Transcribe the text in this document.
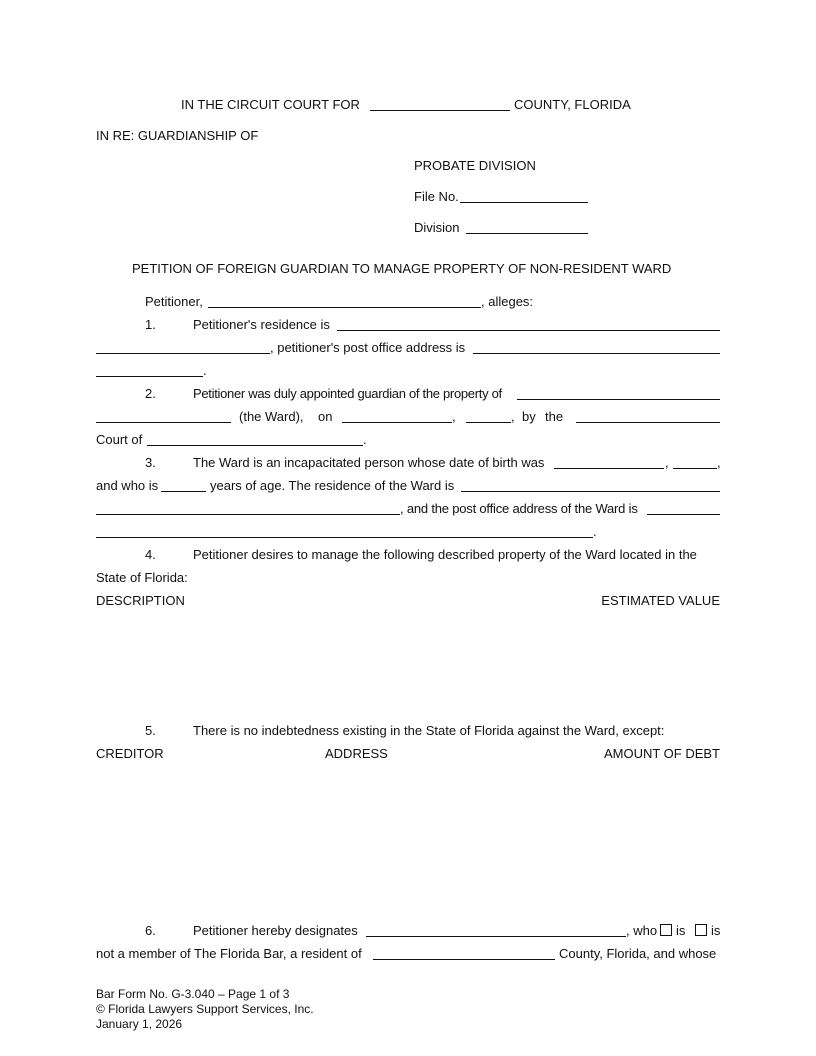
IN THE CIRCUIT COURT FOR	COUNTY, FLORIDA
IN RE: GUARDIANSHIP OF
PROBATE DIVISION
File No.
Division
PETITION OF FOREIGN GUARDIAN TO MANAGE PROPERTY OF NON-RESIDENT WARD
Petitioner,	, alleges:
1.	Petitioner's residence is
, petitioner's post office address is
.
2.	Petitioner was duly appointed guardian of the property of
(the Ward), on	,	, by the
Court of	.
3.	The Ward is an incapacitated person whose date of birth was	,	,
and who is	years of age. The residence of the Ward is
, and the post office address of the Ward is
.
4.	Petitioner desires to manage the following described property of the Ward located in the
State of Florida:
DESCRIPTION	ESTIMATED VALUE
5.	There is no indebtedness existing in the State of Florida against the Ward, except:
CREDITOR	ADDRESS	AMOUNT OF DEBT
6.	Petitioner hereby designates	, who is is
not a member of The Florida Bar, a resident of	County, Florida, and whose
Bar Form No. G-3.040 – Page 1 of 3
© Florida Lawyers Support Services, Inc.
January 1, 2026
